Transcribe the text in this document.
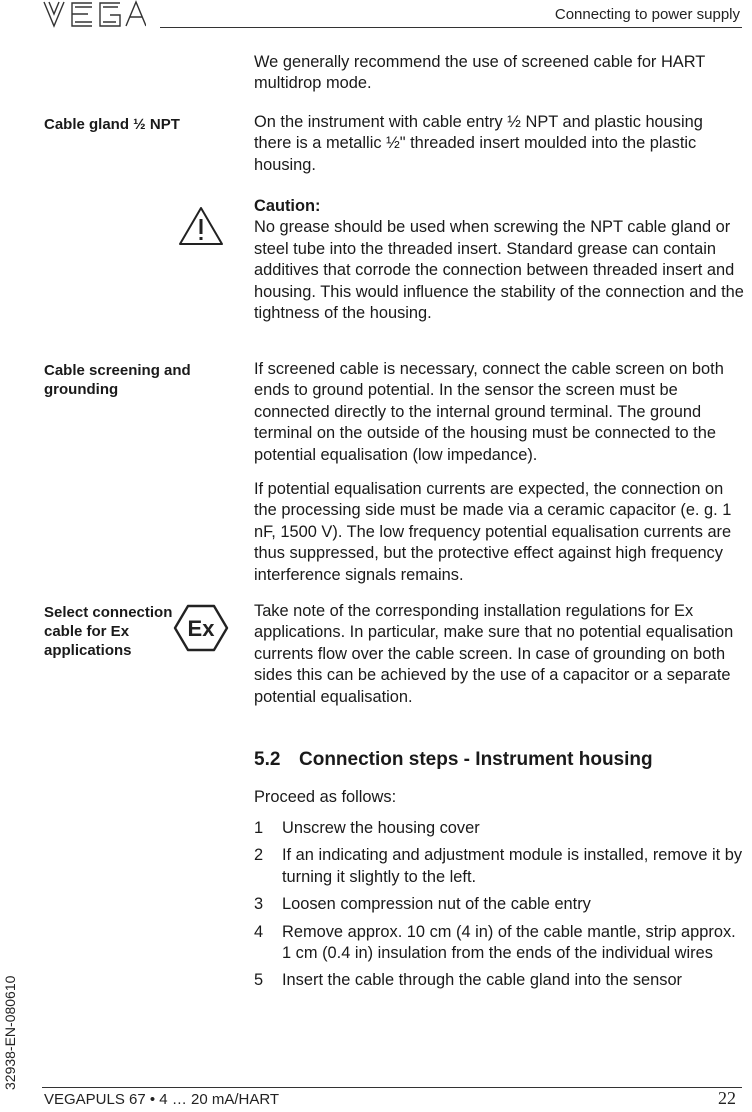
VEGA
Connecting to power supply
We generally recommend the use of screened cable for HART multidrop mode.
Cable gland ½ NPT	On the instrument with cable entry ½ NPT and plastic housing there is a metallic ½" threaded insert moulded into the plastic housing.
Caution:

No grease should be used when screwing the NPT cable gland or steel tube into the threaded insert. Standard grease can contain additives that corrode the connection between threaded insert and housing. This would influence the stability of the connection and the tightness of the housing.

Cable screening and grounding
If screened cable is necessary, connect the cable screen on both ends to ground potential. In the sensor the screen must be connected directly to the internal ground terminal. The ground terminal on the outside of the housing must be connected to the potential equalisation (low impedance).
If potential equalisation currents are expected, the connection on the processing side must be made via a ceramic capacitor (e. g. 1 nF, 1500 V). The low frequency potential equalisation currents are thus suppressed, but the protective effect against high frequency interference signals remains.
Select connection cable for Ex applications
Ex
Take note of the corresponding installation regulations for Ex applications. In particular, make sure that no potential equalisation currents flow over the cable screen. In case of grounding on both sides this can be achieved by the use of a capacitor or a separate potential equalisation.
5.2 Connection steps - Instrument housing
Proceed as follows:
1 Unscrew the housing cover
2 If an indicating and adjustment module is installed, remove it by turning it slightly to the left.
3 Loosen compression nut of the cable entry
4 Remove approx. 10 cm (4 in) of the cable mantle, strip approx. 1 cm (0.4 in) insulation from the ends of the individual wires
5 Insert the cable through the cable gland into the sensor
32938-EN-080610
VEGAPULS 67 • 4 … 20 mA/HART	22
